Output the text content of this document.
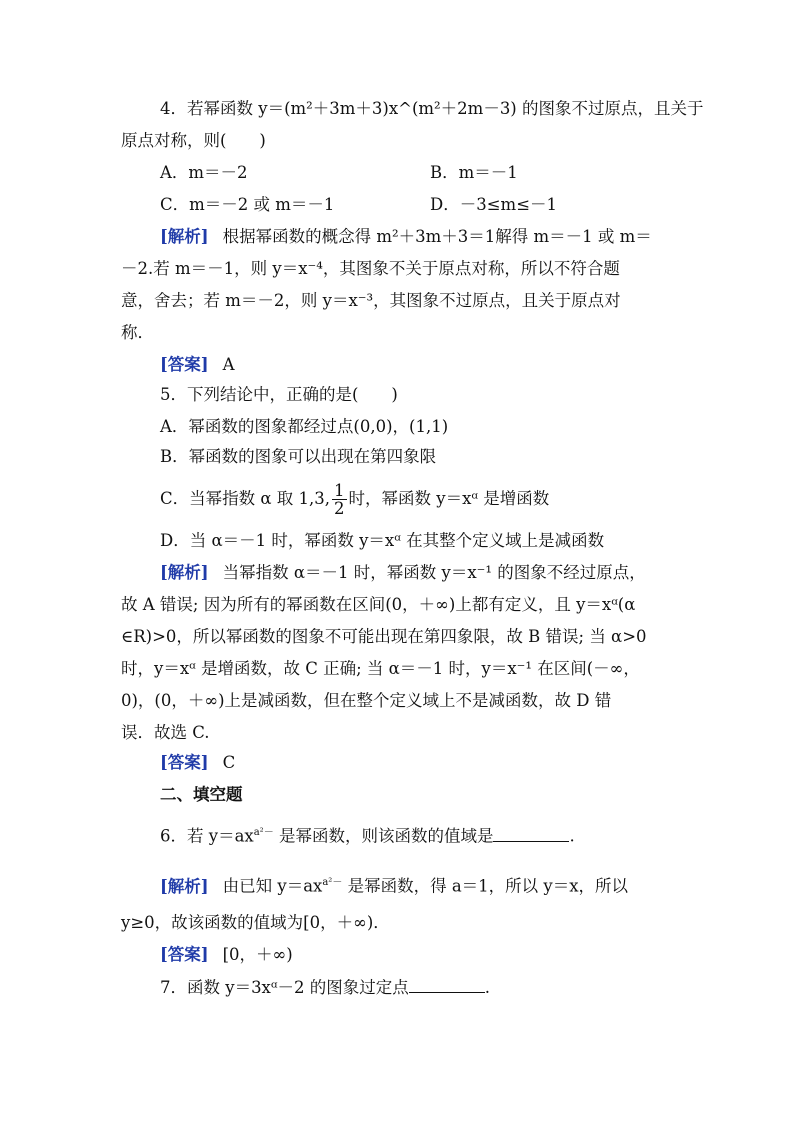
4．若幂函数 y＝(m²＋3m＋3)x^(m²＋2m－3) 的图象不过原点，且关于
原点对称，则(　　)
A．m＝－2	B．m＝－1
C．m＝－2 或 m＝－1	D．－3≤m≤－1
[解析] 根据幂函数的概念得 m²＋3m＋3＝1解得 m＝－1 或 m＝
－2.若 m＝－1，则 y＝x⁻⁴，其图象不关于原点对称，所以不符合题
意，舍去；若 m＝－2，则 y＝x⁻³，其图象不过原点，且关于原点对
称．
[答案] A
5．下列结论中，正确的是(　　)
A．幂函数的图象都经过点(0,0)，(1,1)
B．幂函数的图象可以出现在第四象限
C．当幂指数 α 取 1,3, $\frac{1}{2}$ 时，幂函数 y＝xᵅ 是增函数
D．当 α＝－1 时，幂函数 y＝xᵅ 在其整个定义域上是减函数
[解析] 当幂指数 α＝－1 时，幂函数 y＝x⁻¹ 的图象不经过原点，
故 A 错误; 因为所有的幂函数在区间(0，＋∞)上都有定义，且 y＝xᵅ(α
∈R)>0，所以幂函数的图象不可能出现在第四象限，故 B 错误; 当 α>0
时，y＝xᵅ 是增函数，故 C 正确; 当 α＝－1 时，y＝x⁻¹ 在区间(－∞，
0)，(0，＋∞)上是减函数，但在整个定义域上不是减函数，故 D 错
误．故选 C.
[答案] C
二、填空题
6．若 $y=ax^{a^2-}$ 是幂函数，则该函数的值域是	.
[解析] 由已知 $y=ax^{a^2-}$ 是幂函数，得 a＝1，所以 y＝x，所以
y≥0，故该函数的值域为[0，＋∞)．
[答案] [0，＋∞)
7．函数 y＝3xᵅ－2 的图象过定点	.
